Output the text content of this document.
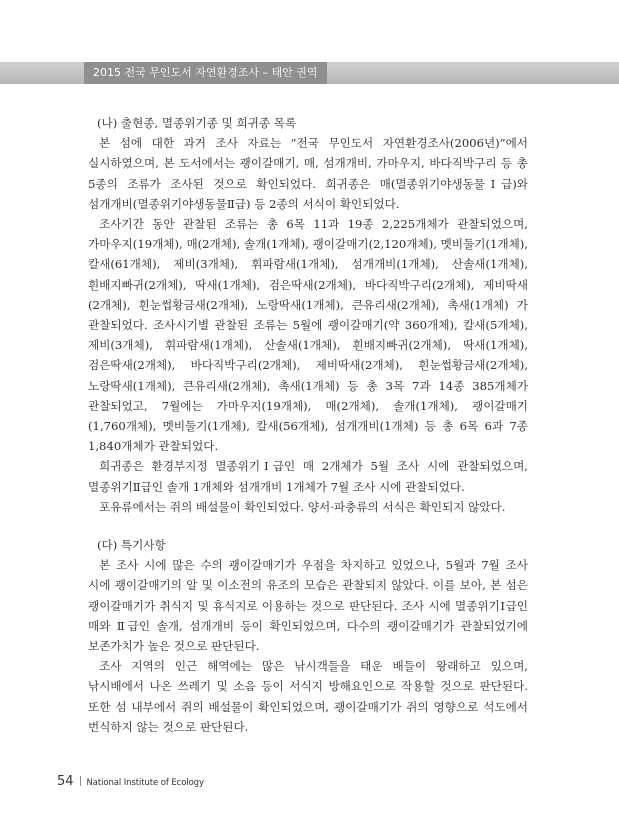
2015 전국 무인도서 자연환경조사 – 태안 권역

(나) 출현종, 멸종위기종 및 희귀종 목록

본 섬에 대한 과거 조사 자료는 “전국 무인도서 자연환경조사(2006년)”에서 실시하였으며, 본 도서에서는 괭이갈매기, 매, 섬개개비, 가마우지, 바다직박구리 등 총 5종의 조류가 조사된 것으로 확인되었다. 희귀종은 매(멸종위기야생동물Ⅰ급)와 섬개개비(멸종위기야생동물Ⅱ급) 등 2종의 서식이 확인되었다.

조사기간 동안 관찰된 조류는 총 6목 11과 19종 2,225개체가 관찰되었으며, 가마우지(19개체), 매(2개체), 솔개(1개체), 괭이갈매기(2,120개체), 멧비둘기(1개체), 칼새(61개체), 제비(3개체), 휘파람새(1개체), 섬개개비(1개체), 산솔새(1개체), 흰배지빠귀(2개체), 딱새(1개체), 검은딱새(2개체), 바다직박구리(2개체), 제비딱새(2개체), 흰눈썹황금새(2개체), 노랑딱새(1개체), 큰유리새(2개체), 촉새(1개체) 가 관찰되었다. 조사시기별 관찰된 조류는 5월에 괭이갈매기(약 360개체), 칼새(5개체), 제비(3개체), 휘파람새(1개체), 산솔새(1개체), 흰배지빠귀(2개체), 딱새(1개체), 검은딱새(2개체), 바다직박구리(2개체), 제비딱새(2개체), 흰눈썹황금새(2개체), 노랑딱새(1개체), 큰유리새(2개체), 촉새(1개체) 등 총 3목 7과 14종 385개체가 관찰되었고, 7월에는 가마우지(19개체), 매(2개체), 솔개(1개체), 괭이갈매기(1,760개체), 멧비둘기(1개체), 칼새(56개체), 섬개개비(1개체) 등 총 6목 6과 7종 1,840개체가 관찰되었다.

희귀종은 환경부지정 멸종위기Ⅰ급인 매 2개체가 5월 조사 시에 관찰되었으며, 멸종위기Ⅱ급인 솔개 1개체와 섬개개비 1개체가 7월 조사 시에 관찰되었다.

포유류에서는 쥐의 배설물이 확인되었다. 양서·파충류의 서식은 확인되지 않았다.

(다) 특기사항

본 조사 시에 많은 수의 괭이갈매기가 우점을 차지하고 있었으나, 5월과 7월 조사 시에 괭이갈매기의 알 및 이소전의 유조의 모습은 관찰되지 않았다. 이를 보아, 본 섬은 괭이갈매기가 취식지 및 휴식지로 이용하는 것으로 판단된다. 조사 시에 멸종위기Ⅰ급인 매와 Ⅱ급인 솔개, 섬개개비 등이 확인되었으며, 다수의 괭이갈매기가 관찰되었기에 보존가치가 높은 것으로 판단된다.

조사 지역의 인근 해역에는 많은 낚시객들을 태운 배들이 왕래하고 있으며, 낚시배에서 나온 쓰레기 및 소음 등이 서식지 방해요인으로 작용할 것으로 판단된다. 또한 섬 내부에서 쥐의 배설물이 확인되었으며, 괭이갈매기가 쥐의 영향으로 석도에서 번식하지 않는 것으로 판단된다.

54 National Institute of Ecology
